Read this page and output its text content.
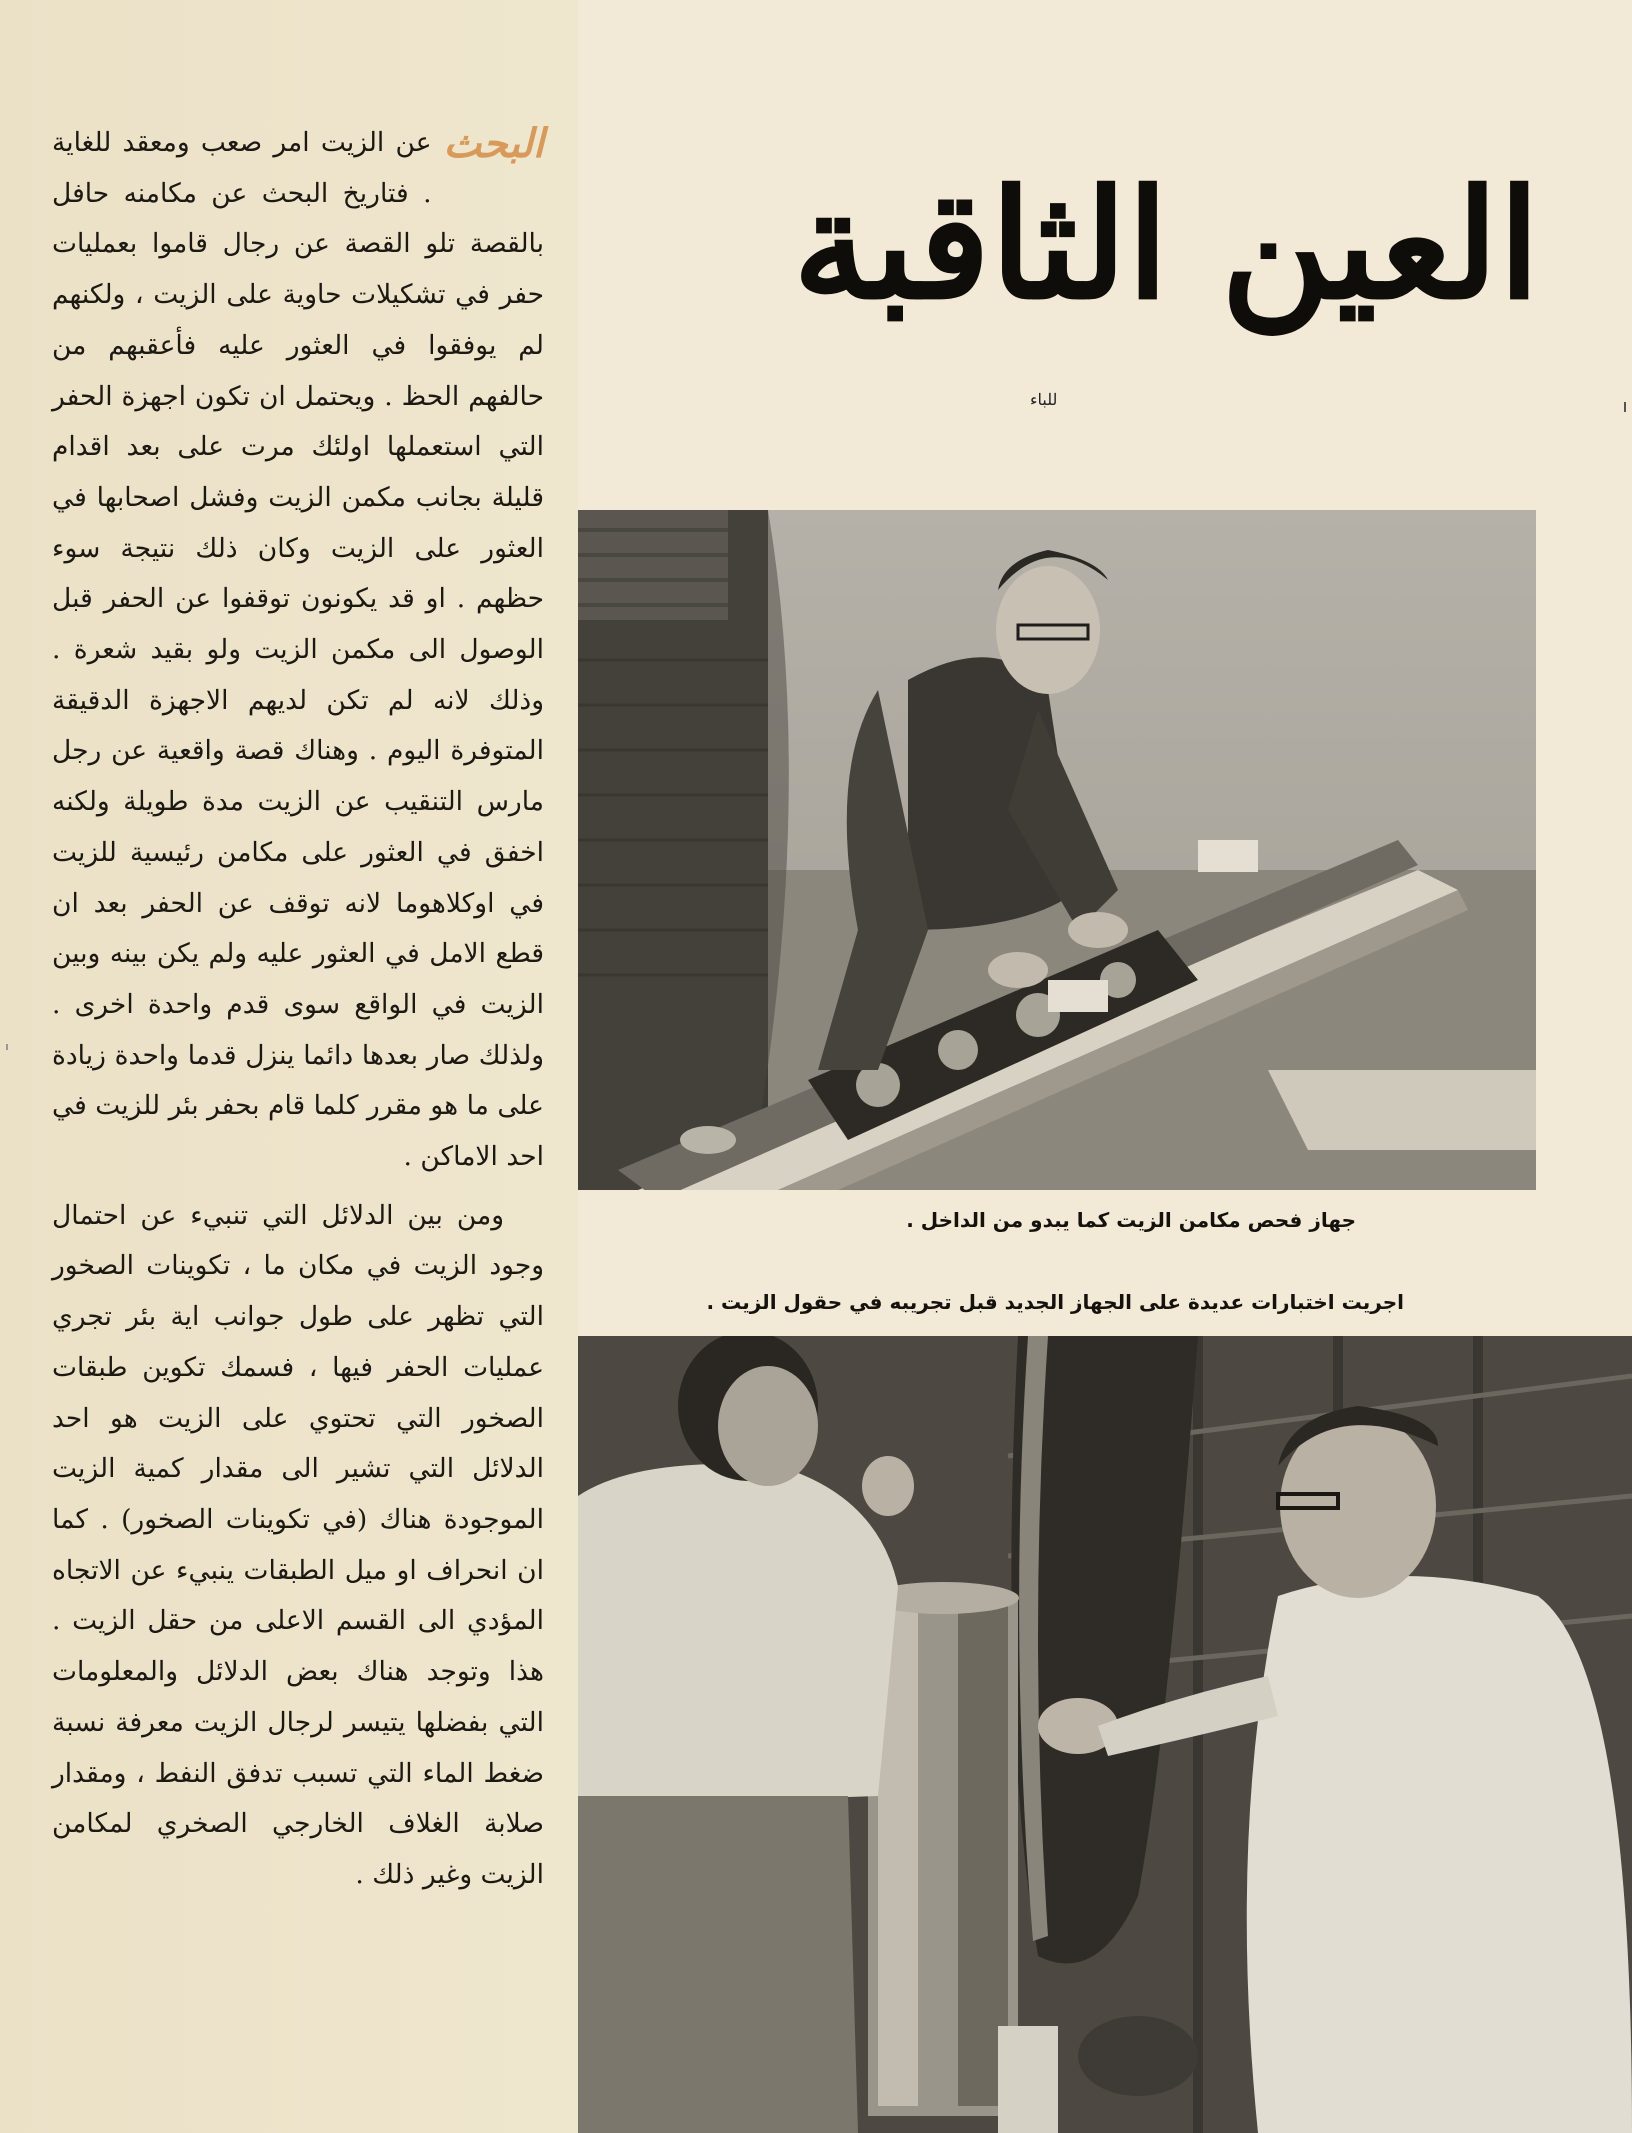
البحث
عن الزيت امر صعب ومعقد للغاية . فتاريخ البحث عن مكامنه حافل بالقصة تلو القصة عن رجال قاموا بعمليات حفر في تشكيلات حاوية على الزيت ، ولكنهم لم يوفقوا في العثور عليه فأعقبهم من حالفهم الحظ . ويحتمل ان تكون اجهزة الحفر التي استعملها اولئك مرت على بعد اقدام قليلة بجانب مكمن الزيت وفشل اصحابها في العثور على الزيت وكان ذلك نتيجة سوء حظهم . او قد يكونون توقفوا عن الحفر قبل الوصول الى مكمن الزيت ولو بقيد شعرة . وذلك لانه لم تكن لديهم الاجهزة الدقيقة المتوفرة اليوم . وهناك قصة واقعية عن رجل مارس التنقيب عن الزيت مدة طويلة ولكنه اخفق في العثور على مكامن رئيسية للزيت في اوكلاهوما لانه توقف عن الحفر بعد ان قطع الامل في العثور عليه ولم يكن بينه وبين الزيت في الواقع سوى قدم واحدة اخرى . ولذلك صار بعدها دائما ينزل قدما واحدة زيادة على ما هو مقرر كلما قام بحفر بئر للزيت في احد الاماكن .

ومن بين الدلائل التي تنبيء عن احتمال وجود الزيت في مكان ما ، تكوينات الصخور التي تظهر على طول جوانب اية بئر تجري عمليات الحفر فيها ، فسمك تكوين طبقات الصخور التي تحتوي على الزيت هو احد الدلائل التي تشير الى مقدار كمية الزيت الموجودة هناك (في تكوينات الصخور) . كما ان انحراف او ميل الطبقات ينبيء عن الاتجاه المؤدي الى القسم الاعلى من حقل الزيت . هذا وتوجد هناك بعض الدلائل والمعلومات التي بفضلها يتيسر لرجال الزيت معرفة نسبة ضغط الماء التي تسبب تدفق النفط ، ومقدار صلابة الغلاف الخارجي الصخري لمكامن الزيت وغير ذلك .

العين الثاقبة
للباء
جهاز فحص مكامن الزيت كما يبدو من الداخل .
اجريت اختبارات عديدة على الجهاز الجديد قبل تجريبه في حقول الزيت .
